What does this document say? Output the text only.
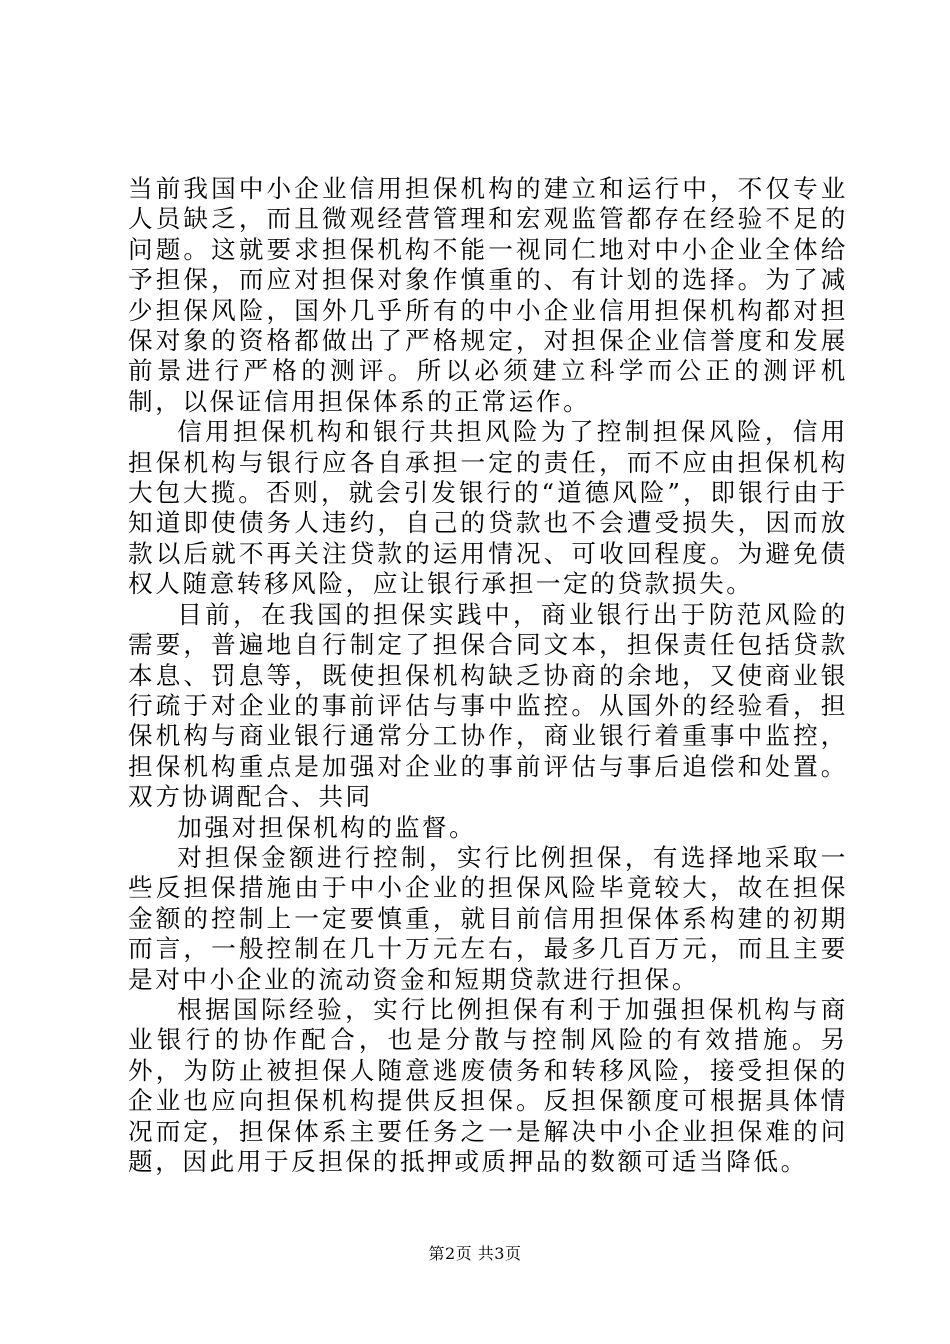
当前我国中小企业信用担保机构的建立和运行中，不仅专业人员缺乏，而且微观经营管理和宏观监管都存在经验不足的问题。这就要求担保机构不能一视同仁地对中小企业全体给予担保，而应对担保对象作慎重的、有计划的选择。为了减少担保风险，国外几乎所有的中小企业信用担保机构都对担保对象的资格都做出了严格规定，对担保企业信誉度和发展前景进行严格的测评。所以必须建立科学而公正的测评机制，以保证信用担保体系的正常运作。

信用担保机构和银行共担风险为了控制担保风险，信用担保机构与银行应各自承担一定的责任，而不应由担保机构大包大揽。否则，就会引发银行的“道德风险”，即银行由于知道即使债务人违约，自己的贷款也不会遭受损失，因而放款以后就不再关注贷款的运用情况、可收回程度。为避免债权人随意转移风险，应让银行承担一定的贷款损失。

目前，在我国的担保实践中，商业银行出于防范风险的需要，普遍地自行制定了担保合同文本，担保责任包括贷款本息、罚息等，既使担保机构缺乏协商的余地，又使商业银行疏于对企业的事前评估与事中监控。从国外的经验看，担保机构与商业银行通常分工协作，商业银行着重事中监控，担保机构重点是加强对企业的事前评估与事后追偿和处置。双方协调配合、共同

加强对担保机构的监督。

对担保金额进行控制，实行比例担保，有选择地采取一些反担保措施由于中小企业的担保风险毕竟较大，故在担保金额的控制上一定要慎重，就目前信用担保体系构建的初期而言，一般控制在几十万元左右，最多几百万元，而且主要是对中小企业的流动资金和短期贷款进行担保。

根据国际经验，实行比例担保有利于加强担保机构与商业银行的协作配合，也是分散与控制风险的有效措施。另外，为防止被担保人随意逃废债务和转移风险，接受担保的企业也应向担保机构提供反担保。反担保额度可根据具体情况而定，担保体系主要任务之一是解决中小企业担保难的问题，因此用于反担保的抵押或质押品的数额可适当降低。

第2页 共3页
